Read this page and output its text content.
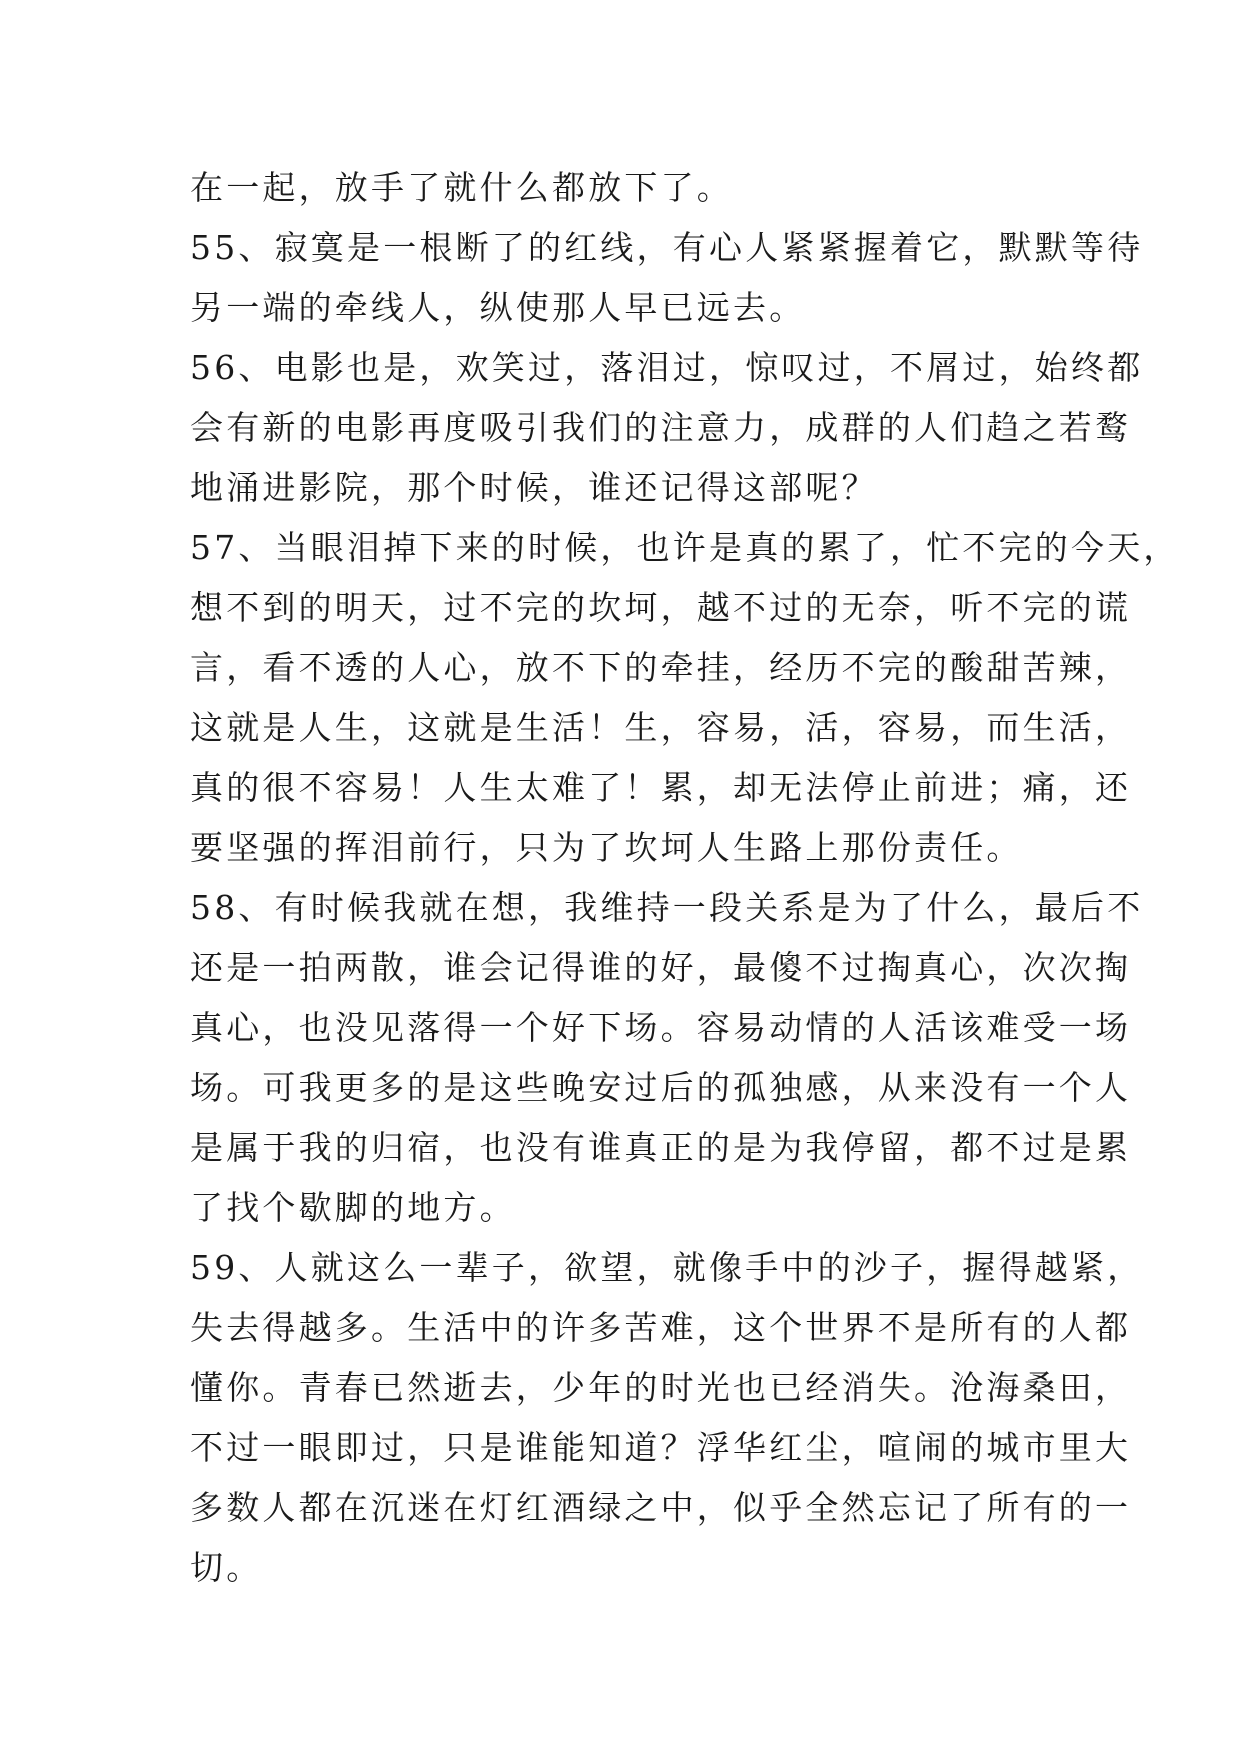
在一起，放手了就什么都放下了。
55、寂寞是一根断了的红线，有心人紧紧握着它，默默等待
另一端的牵线人，纵使那人早已远去。
56、电影也是，欢笑过，落泪过，惊叹过，不屑过，始终都
会有新的电影再度吸引我们的注意力，成群的人们趋之若鹜
地涌进影院，那个时候，谁还记得这部呢？
57、当眼泪掉下来的时候，也许是真的累了，忙不完的今天，
想不到的明天，过不完的坎坷，越不过的无奈，听不完的谎
言，看不透的人心，放不下的牵挂，经历不完的酸甜苦辣，
这就是人生，这就是生活！生，容易，活，容易，而生活，
真的很不容易！人生太难了！累，却无法停止前进；痛，还
要坚强的挥泪前行，只为了坎坷人生路上那份责任。
58、有时候我就在想，我维持一段关系是为了什么，最后不
还是一拍两散，谁会记得谁的好，最傻不过掏真心，次次掏
真心，也没见落得一个好下场。容易动情的人活该难受一场
场。可我更多的是这些晚安过后的孤独感，从来没有一个人
是属于我的归宿，也没有谁真正的是为我停留，都不过是累
了找个歇脚的地方。
59、人就这么一辈子，欲望，就像手中的沙子，握得越紧，
失去得越多。生活中的许多苦难，这个世界不是所有的人都
懂你。青春已然逝去，少年的时光也已经消失。沧海桑田，
不过一眼即过，只是谁能知道？浮华红尘，喧闹的城市里大
多数人都在沉迷在灯红酒绿之中，似乎全然忘记了所有的一
切。
